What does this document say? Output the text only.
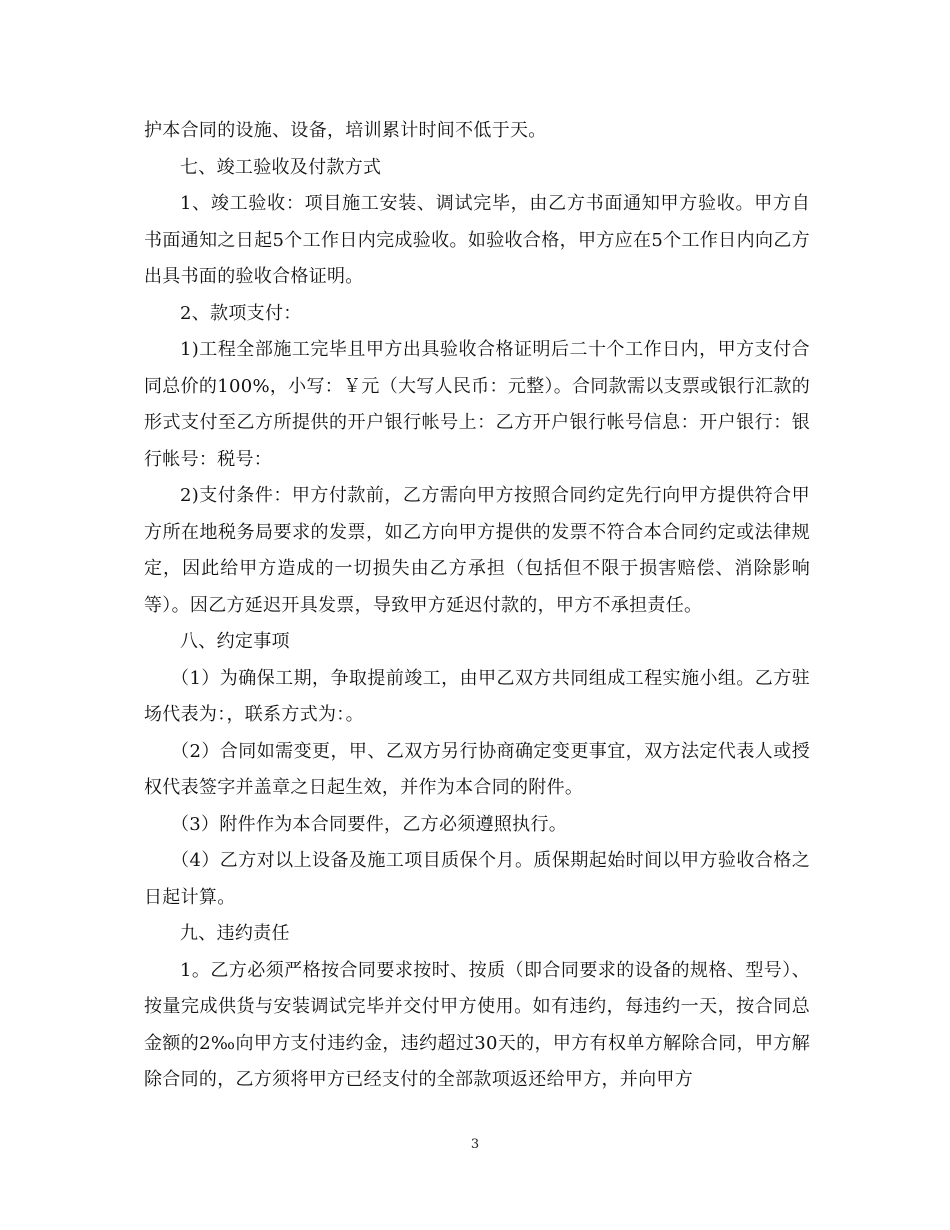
护本合同的设施、设备，培训累计时间不低于天。

七、竣工验收及付款方式

1、竣工验收：项目施工安装、调试完毕，由乙方书面通知甲方验收。甲方自书面通知之日起5个工作日内完成验收。如验收合格，甲方应在5个工作日内向乙方出具书面的验收合格证明。

2、款项支付：

1)工程全部施工完毕且甲方出具验收合格证明后二十个工作日内，甲方支付合同总价的100%，小写：￥元（大写人民币：元整）。合同款需以支票或银行汇款的形式支付至乙方所提供的开户银行帐号上：乙方开户银行帐号信息：开户银行：银行帐号：税号：

2)支付条件：甲方付款前，乙方需向甲方按照合同约定先行向甲方提供符合甲方所在地税务局要求的发票，如乙方向甲方提供的发票不符合本合同约定或法律规定，因此给甲方造成的一切损失由乙方承担（包括但不限于损害赔偿、消除影响等）。因乙方延迟开具发票，导致甲方延迟付款的，甲方不承担责任。

八、约定事项

（1）为确保工期，争取提前竣工，由甲乙双方共同组成工程实施小组。乙方驻场代表为：，联系方式为：。

（2）合同如需变更，甲、乙双方另行协商确定变更事宜，双方法定代表人或授权代表签字并盖章之日起生效，并作为本合同的附件。

（3）附件作为本合同要件，乙方必须遵照执行。

（4）乙方对以上设备及施工项目质保个月。质保期起始时间以甲方验收合格之日起计算。

九、违约责任

1。乙方必须严格按合同要求按时、按质（即合同要求的设备的规格、型号）、按量完成供货与安装调试完毕并交付甲方使用。如有违约，每违约一天，按合同总金额的2‰向甲方支付违约金，违约超过30天的，甲方有权单方解除合同，甲方解除合同的，乙方须将甲方已经支付的全部款项返还给甲方，并向甲方

3
